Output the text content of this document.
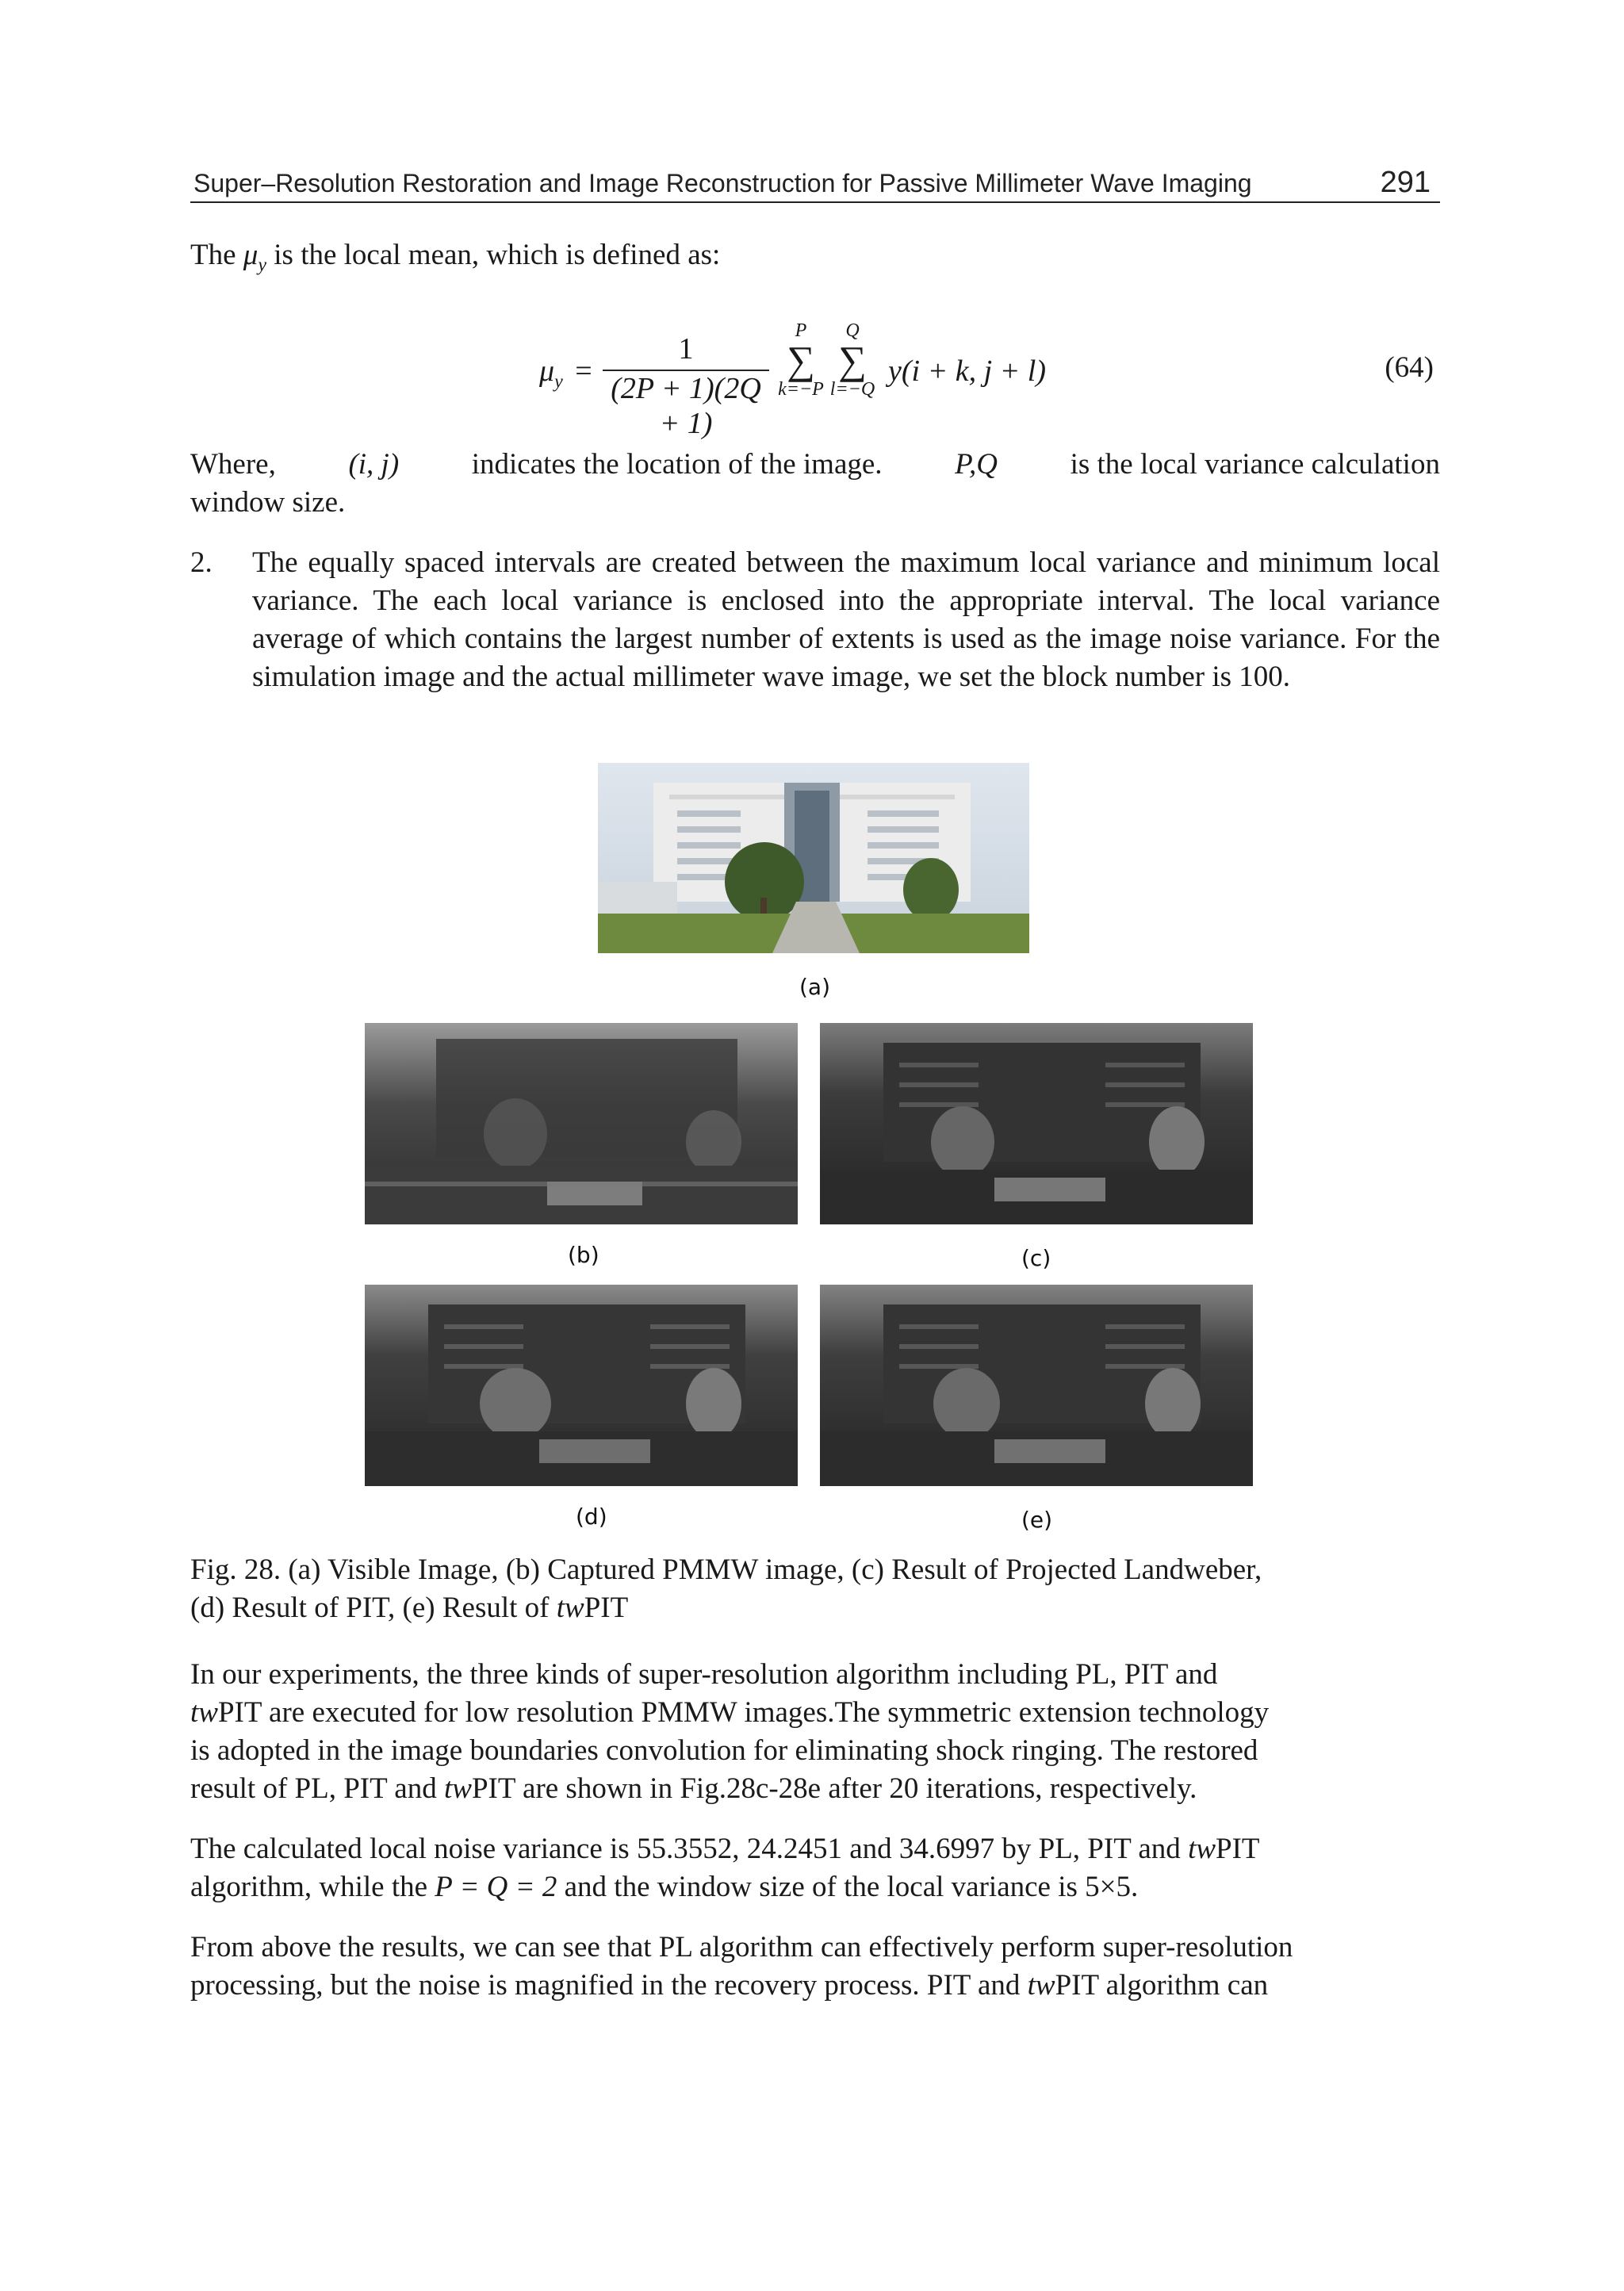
Super–Resolution Restoration and Image Reconstruction for Passive Millimeter Wave Imaging	291
The $\mu_y$ is the local mean, which is defined as:
$\mu_y$ =
1
(2P + 1)(2Q + 1)
P
∑
k=−P
Q
∑
l=−Q
y(i + k, j + l)	(64)
Where, (i, j) indicates the location of the image. P,Q is the local variance calculation
window size.
2. The equally spaced intervals are created between the maximum local variance and minimum local variance. The each local variance is enclosed into the appropriate interval. The local variance average of which contains the largest number of extents is used as the image noise variance. For the simulation image and the actual millimeter wave image, we set the block number is 100.
(a)
(b)	(c)
(d)	(e)
Fig. 28. (a) Visible Image, (b) Captured PMMW image, (c) Result of Projected Landweber,
(d) Result of PIT, (e) Result of twPIT
In our experiments, the three kinds of super-resolution algorithm including PL, PIT and
twPIT are executed for low resolution PMMW images.The symmetric extension technology
is adopted in the image boundaries convolution for eliminating shock ringing. The restored
result of PL, PIT and twPIT are shown in Fig.28c-28e after 20 iterations, respectively.
The calculated local noise variance is 55.3552, 24.2451 and 34.6997 by PL, PIT and twPIT
algorithm, while the P = Q = 2 and the window size of the local variance is 5×5.
From above the results, we can see that PL algorithm can effectively perform super-resolution
processing, but the noise is magnified in the recovery process. PIT and twPIT algorithm can
